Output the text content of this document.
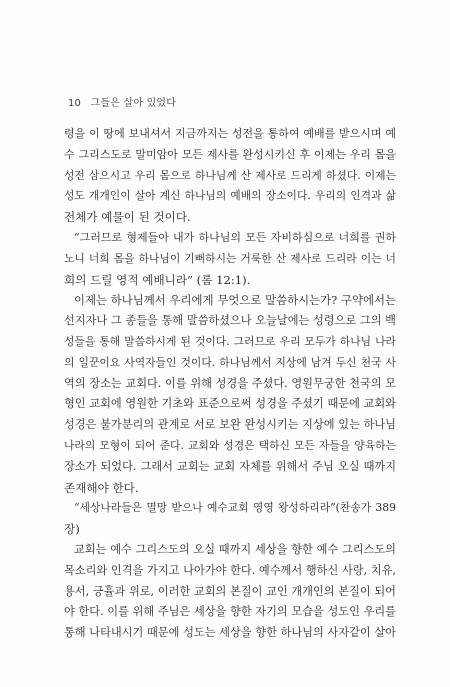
10 그들은 살아 있었다
령을 이 땅에 보내셔서 지금까지는 성전을 통하여 예배를 받으시며 예
수 그리스도로 말미암아 모든 제사를 완성시키신 후 이제는 우리 몸을
성전 삼으시고 우리 몸으로 하나님께 산 제사로 드리게 하셨다. 이제는
성도 개개인이 살아 계신 하나님의 예배의 장소이다. 우리의 인격과 삶
전체가 예물이 된 것이다.
“그러므로 형제들아 내가 하나님의 모든 자비하심으로 너희를 권하
노니 너희 몸을 하나님이 기뻐하시는 거룩한 산 제사로 드리라 이는 너
희의 드릴 영적 예배니라” (롬 12:1).
이제는 하나님께서 우리에게 무엇으로 말씀하시는가? 구약에서는
선지자나 그 종들을 통해 말씀하셨으나 오늘날에는 성령으로 그의 백
성들을 통해 말씀하시게 된 것이다. 그러므로 우리 모두가 하나님 나라
의 일꾼이요 사역자들인 것이다. 하나님께서 지상에 남겨 두신 천국 사
역의 장소는 교회다. 이를 위해 성경을 주셨다. 영원무궁한 천국의 모
형인 교회에 영원한 기초와 표준으로써 성경을 주셨기 때문에 교회와
성경은 불가분리의 관계로 서로 보완 완성시키는 지상에 있는 하나님
나라의 모형이 되어 준다. 교회와 성경은 택하신 모든 자들을 양육하는
장소가 되었다. 그래서 교회는 교회 자체를 위해서 주님 오실 때까지
존재해야 한다.
“세상나라들은 멸망 받으나 예수교회 영영 왕성하리라”(찬송가 389
장)
교회는 예수 그리스도의 오실 때까지 세상을 향한 예수 그리스도의
목소리와 인격을 가지고 나아가야 한다. 예수께서 행하신 사랑, 치유,
용서, 긍휼과 위로, 이러한 교회의 본질이 교인 개개인의 본질이 되어
야 한다. 이를 위해 주님은 세상을 향한 자기의 모습을 성도인 우리를
통해 나타내시기 때문에 성도는 세상을 향한 하나님의 사자같이 살아
